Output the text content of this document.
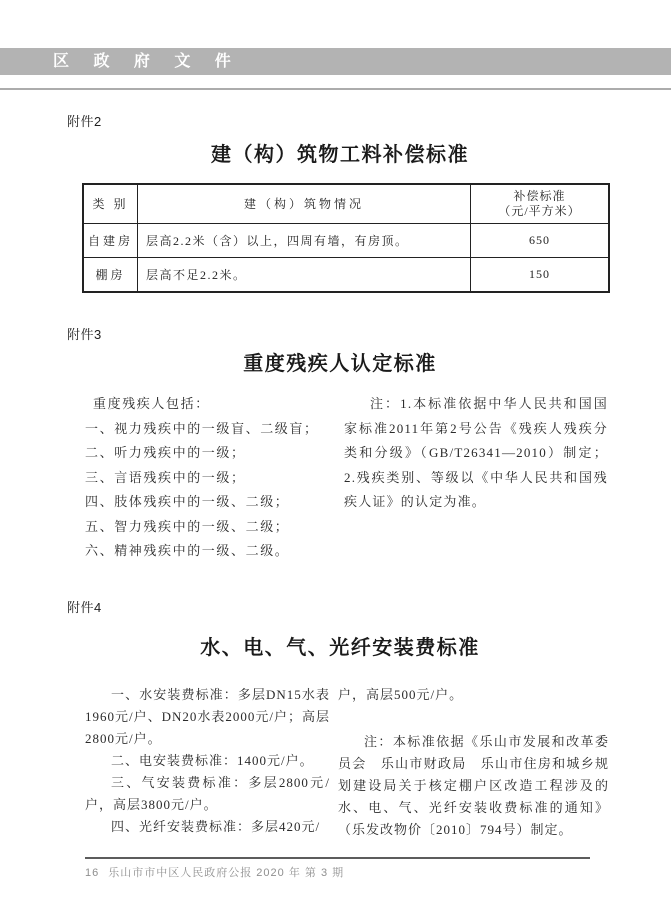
区 政 府 文 件
附件2
建（构）筑物工料补偿标准
类 别	建（构）筑物情况	补偿标准
（元/平方米）

自建房	层高2.2米（含）以上，四周有墙，有房顶。	650
棚房	层高不足2.2米。	150
附件3
重度残疾人认定标准
重度残疾人包括：
一、视力残疾中的一级盲、二级盲；
二、听力残疾中的一级；
三、言语残疾中的一级；
四、肢体残疾中的一级、二级；
五、智力残疾中的一级、二级；
六、精神残疾中的一级、二级。
注：1.本标准依据中华人民共和国国家标准2011年第2号公告《残疾人残疾分类和分级》（GB/T26341—2010）制定；2.残疾类别、等级以《中华人民共和国残疾人证》的认定为准。
附件4
水、电、气、光纤安装费标准

一、水安装费标准：多层DN15水表1960元/户、DN20水表2000元/户；高层2800元/户。

二、电安装费标准：1400元/户。

三、气安装费标准：多层2800元/户，高层3800元/户。

四、光纤安装费标准：多层420元/

户，高层500元/户。

注：本标准依据《乐山市发展和改革委员会　乐山市财政局　乐山市住房和城乡规划建设局关于核定棚户区改造工程涉及的水、电、气、光纤安装收费标准的通知》（乐发改物价〔2010〕794号）制定。

16 乐山市市中区人民政府公报 2020 年 第 3 期
